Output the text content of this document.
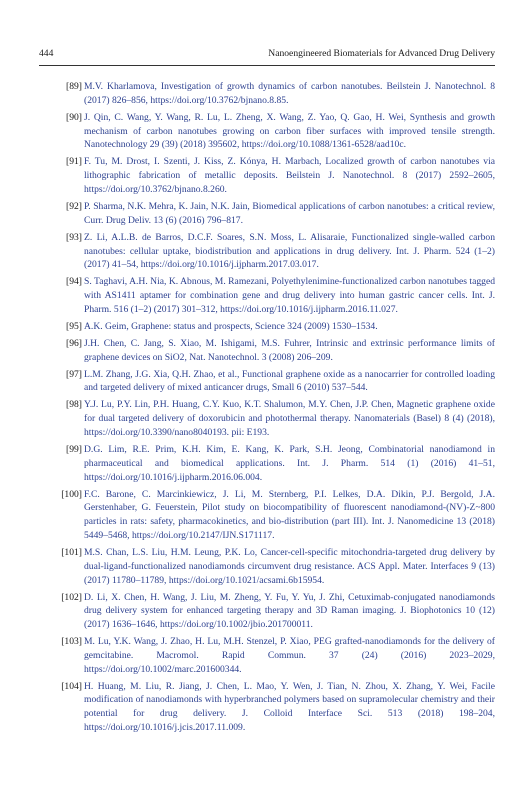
444	Nanoengineered Biomaterials for Advanced Drug Delivery
[89] M.V. Kharlamova, Investigation of growth dynamics of carbon nanotubes. Beilstein J. Nanotechnol. 8 (2017) 826–856, https://doi.org/10.3762/bjnano.8.85.
[90] J. Qin, C. Wang, Y. Wang, R. Lu, L. Zheng, X. Wang, Z. Yao, Q. Gao, H. Wei, Synthesis and growth mechanism of carbon nanotubes growing on carbon fiber surfaces with improved tensile strength. Nanotechnology 29 (39) (2018) 395602, https://doi.org/10.1088/1361-6528/aad10c.
[91] F. Tu, M. Drost, I. Szenti, J. Kiss, Z. Kónya, H. Marbach, Localized growth of carbon nanotubes via lithographic fabrication of metallic deposits. Beilstein J. Nanotechnol. 8 (2017) 2592–2605, https://doi.org/10.3762/bjnano.8.260.
[92] P. Sharma, N.K. Mehra, K. Jain, N.K. Jain, Biomedical applications of carbon nanotubes: a critical review, Curr. Drug Deliv. 13 (6) (2016) 796–817.
[93] Z. Li, A.L.B. de Barros, D.C.F. Soares, S.N. Moss, L. Alisaraie, Functionalized single-walled carbon nanotubes: cellular uptake, biodistribution and applications in drug delivery. Int. J. Pharm. 524 (1–2) (2017) 41–54, https://doi.org/10.1016/j.ijpharm.2017.03.017.
[94] S. Taghavi, A.H. Nia, K. Abnous, M. Ramezani, Polyethylenimine-functionalized carbon nanotubes tagged with AS1411 aptamer for combination gene and drug delivery into human gastric cancer cells. Int. J. Pharm. 516 (1–2) (2017) 301–312, https://doi.org/10.1016/j.ijpharm.2016.11.027.
[95] A.K. Geim, Graphene: status and prospects, Science 324 (2009) 1530–1534.
[96] J.H. Chen, C. Jang, S. Xiao, M. Ishigami, M.S. Fuhrer, Intrinsic and extrinsic performance limits of graphene devices on SiO2, Nat. Nanotechnol. 3 (2008) 206–209.
[97] L.M. Zhang, J.G. Xia, Q.H. Zhao, et al., Functional graphene oxide as a nanocarrier for controlled loading and targeted delivery of mixed anticancer drugs, Small 6 (2010) 537–544.
[98] Y.J. Lu, P.Y. Lin, P.H. Huang, C.Y. Kuo, K.T. Shalumon, M.Y. Chen, J.P. Chen, Magnetic graphene oxide for dual targeted delivery of doxorubicin and photothermal therapy. Nanomaterials (Basel) 8 (4) (2018), https://doi.org/10.3390/nano8040193. pii: E193.
[99] D.G. Lim, R.E. Prim, K.H. Kim, E. Kang, K. Park, S.H. Jeong, Combinatorial nanodiamond in pharmaceutical and biomedical applications. Int. J. Pharm. 514 (1) (2016) 41–51, https://doi.org/10.1016/j.ijpharm.2016.06.004.
[100] F.C. Barone, C. Marcinkiewicz, J. Li, M. Sternberg, P.I. Lelkes, D.A. Dikin, P.J. Bergold, J.A. Gerstenhaber, G. Feuerstein, Pilot study on biocompatibility of fluorescent nanodiamond-(NV)-Z~800 particles in rats: safety, pharmacokinetics, and bio-distribution (part III). Int. J. Nanomedicine 13 (2018) 5449–5468, https://doi.org/10.2147/IJN.S171117.
[101] M.S. Chan, L.S. Liu, H.M. Leung, P.K. Lo, Cancer-cell-specific mitochondria-targeted drug delivery by dual-ligand-functionalized nanodiamonds circumvent drug resistance. ACS Appl. Mater. Interfaces 9 (13) (2017) 11780–11789, https://doi.org/10.1021/acsami.6b15954.
[102] D. Li, X. Chen, H. Wang, J. Liu, M. Zheng, Y. Fu, Y. Yu, J. Zhi, Cetuximab-conjugated nanodiamonds drug delivery system for enhanced targeting therapy and 3D Raman imaging. J. Biophotonics 10 (12) (2017) 1636–1646, https://doi.org/10.1002/jbio.201700011.
[103] M. Lu, Y.K. Wang, J. Zhao, H. Lu, M.H. Stenzel, P. Xiao, PEG grafted-nanodiamonds for the delivery of gemcitabine. Macromol. Rapid Commun. 37 (24) (2016) 2023–2029, https://doi.org/10.1002/marc.201600344.
[104] H. Huang, M. Liu, R. Jiang, J. Chen, L. Mao, Y. Wen, J. Tian, N. Zhou, X. Zhang, Y. Wei, Facile modification of nanodiamonds with hyperbranched polymers based on supramolecular chemistry and their potential for drug delivery. J. Colloid Interface Sci. 513 (2018) 198–204, https://doi.org/10.1016/j.jcis.2017.11.009.
